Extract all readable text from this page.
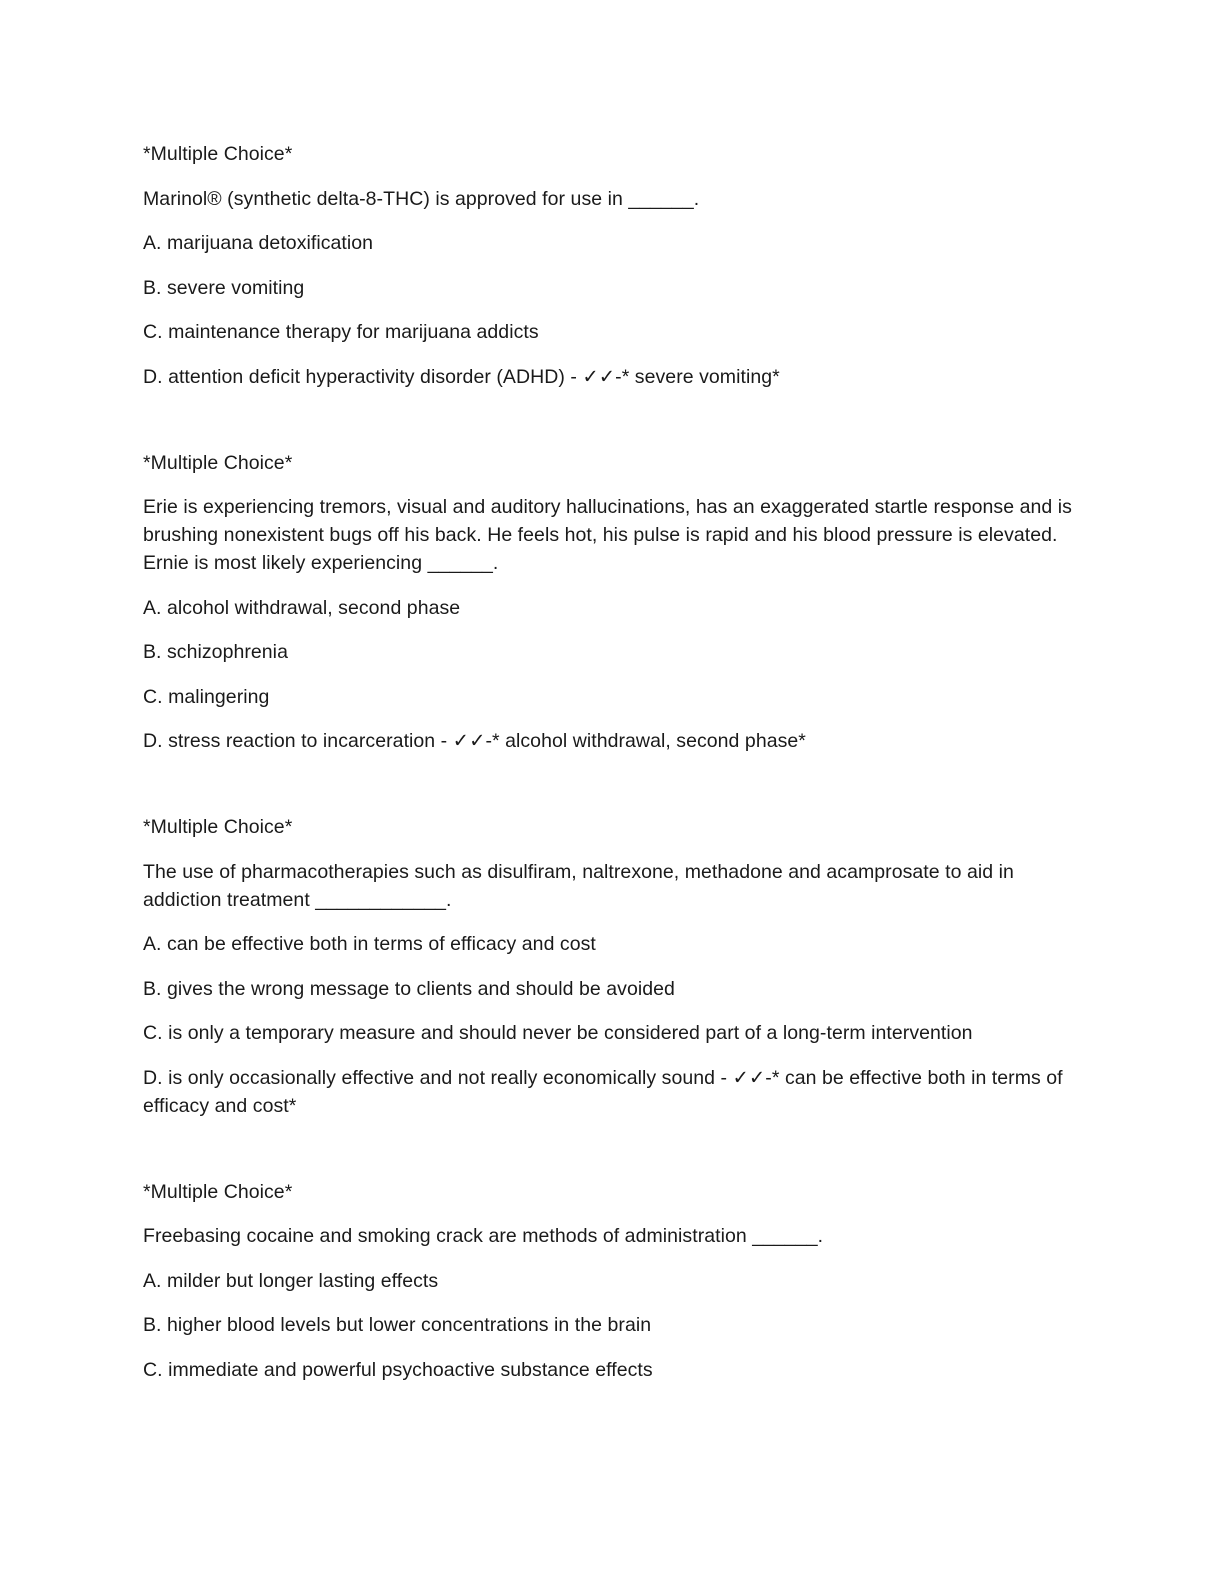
*Multiple Choice*

Marinol® (synthetic delta-8-THC) is approved for use in ______.

A. marijuana detoxification

B. severe vomiting

C. maintenance therapy for marijuana addicts

D. attention deficit hyperactivity disorder (ADHD) - ✓✓-* severe vomiting*

*Multiple Choice*

Erie is experiencing tremors, visual and auditory hallucinations, has an exaggerated startle response and is brushing nonexistent bugs off his back. He feels hot, his pulse is rapid and his blood pressure is elevated. Ernie is most likely experiencing ______.

A. alcohol withdrawal, second phase

B. schizophrenia

C. malingering

D. stress reaction to incarceration - ✓✓-* alcohol withdrawal, second phase*

*Multiple Choice*

The use of pharmacotherapies such as disulfiram, naltrexone, methadone and acamprosate to aid in addiction treatment ____________.

A. can be effective both in terms of efficacy and cost

B. gives the wrong message to clients and should be avoided

C. is only a temporary measure and should never be considered part of a long-term intervention

D. is only occasionally effective and not really economically sound - ✓✓-* can be effective both in terms of efficacy and cost*

*Multiple Choice*

Freebasing cocaine and smoking crack are methods of administration ______.

A. milder but longer lasting effects

B. higher blood levels but lower concentrations in the brain

C. immediate and powerful psychoactive substance effects
